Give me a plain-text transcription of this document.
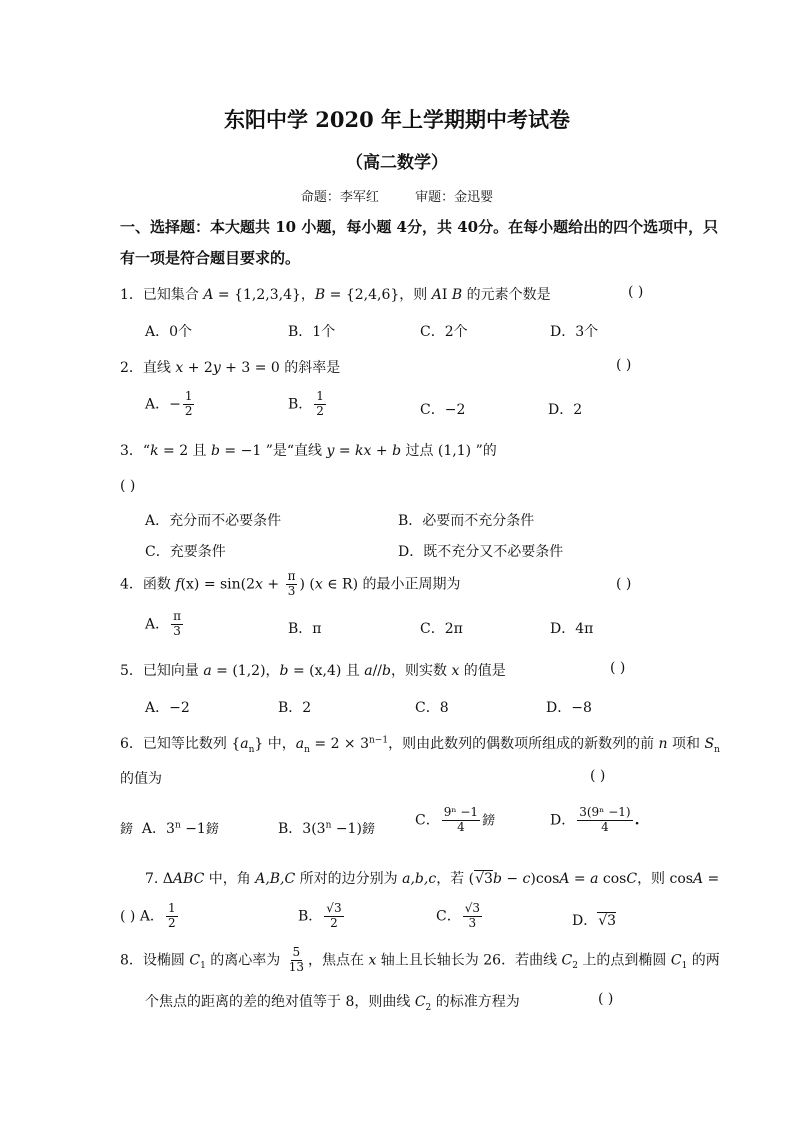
东阳中学 2020 年上学期期中考试卷
（高二数学）
命题：李军红	审题：金迅婴
一、选择题：本大题共 10 小题，每小题 4分，共 40分。在每小题给出的四个选项中，只
有一项是符合题目要求的。
1．已知集合 A = {1,2,3,4}，B = {2,4,6}，则 AI B 的元素个数是	( )
A．0个	B．1个	C．2个	D．3个
2．直线 x + 2y + 3 = 0 的斜率是	( )
A．− $\frac{1}{2}$	B． $\frac{1}{2}$	C．−2	D．2
3．“k = 2 且 b = −1 ”是“直线 y = kx + b 过点 (1,1) ”的
( )
A．充分而不必要条件	B．必要而不充分条件
C．充要条件	D．既不充分又不必要条件
4．函数 $f(x) = \sin(2x + \frac{\pi}{3}$ ) (x ∈ R) 的最小正周期为	( )
A． $\frac{\pi}{3}$	B．π	C．2π	D．4π
5．已知向量 a = (1,2)，b = (x,4) 且 a//b，则实数 x 的值是	( )
A．−2	B．2	C．8	D．−8
6．已知等比数列 $\{a_n\}$ 中，$a_n = 2 \times 3^{n-1}$，则由此数列的偶数项所组成的新数列的前 n 项和 $S_n$
的值为	( )
鎊 A．$3^n -1$鎊	B．$3(3^n -1)$鎊
C． $\frac{\text{9ⁿ −1}}{4}$ 鎊	D． $\frac{\text{3(9ⁿ −1)}}{4}$ .
7. ΔABC 中，角 A,B,C 所对的边分别为 a,b,c，若 (√3b − c)cosA = a cosC，则 cosA =
( ) A． $\frac{1}{2}$	B． $\frac{√3}{2}$	C． $\frac{√3}{3}$	D．√3
8．设椭圆 $C_1$ 的离心率为 $\frac{5}{13}$ ，焦点在 x 轴上且长轴长为 26．若曲线 $C_2$ 上的点到椭圆 $C_1$ 的两
个焦点的距离的差的绝对值等于 8，则曲线 $C_2$ 的标准方程为	( )
